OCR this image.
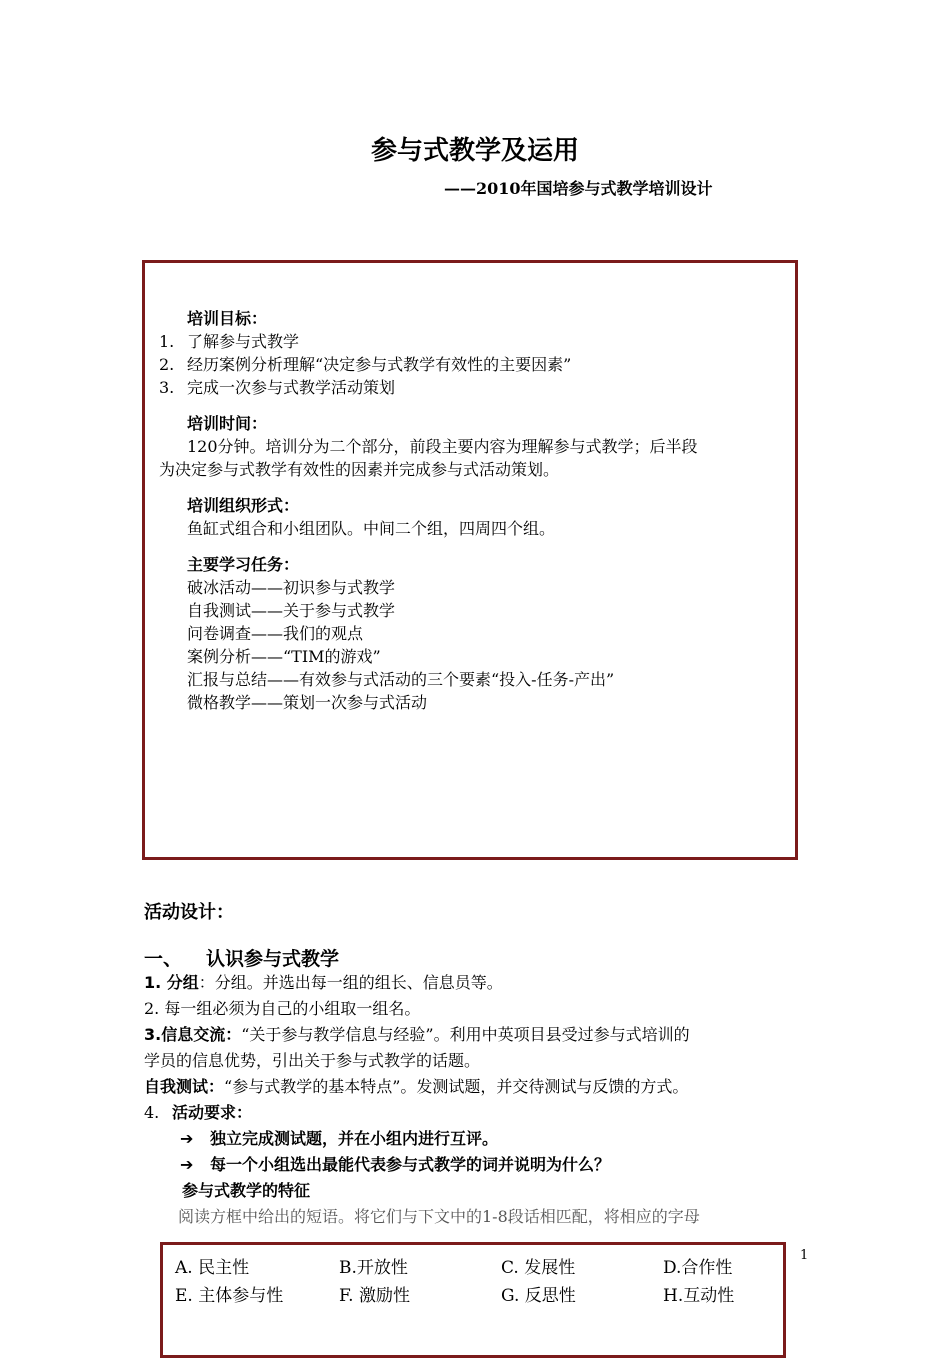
参与式教学及运用
——2010年国培参与式教学培训设计
培训目标：
1. 了解参与式教学
2. 经历案例分析理解“决定参与式教学有效性的主要因素”
3. 完成一次参与式教学活动策划
培训时间：
120分钟。培训分为二个部分，前段主要内容为理解参与式教学；后半段
为决定参与式教学有效性的因素并完成参与式活动策划。
培训组织形式：
鱼缸式组合和小组团队。中间二个组，四周四个组。
主要学习任务：
破冰活动——初识参与式教学
自我测试——关于参与式教学
问卷调查——我们的观点
案例分析——“TIM的游戏”
汇报与总结——有效参与式活动的三个要素“投入-任务-产出”
微格教学——策划一次参与式活动
活动设计：
一、 认识参与式教学
1. 分组：分组。并选出每一组的组长、信息员等。
2. 每一组必须为自己的小组取一组名。
3.信息交流：“关于参与教学信息与经验”。利用中英项目县受过参与式培训的
学员的信息优势，引出关于参与式教学的话题。
自我测试：“参与式教学的基本特点”。发测试题，并交待测试与反馈的方式。
4. 活动要求：
➔ 独立完成测试题，并在小组内进行互评。
➔ 每一个小组选出最能代表参与式教学的词并说明为什么？
参与式教学的特征
阅读方框中给出的短语。将它们与下文中的1-8段话相匹配，将相应的字母
A. 民主性	B.开放性	C. 发展性	D.合作性
E. 主体参与性	F. 激励性	G. 反思性	H.互动性
1
